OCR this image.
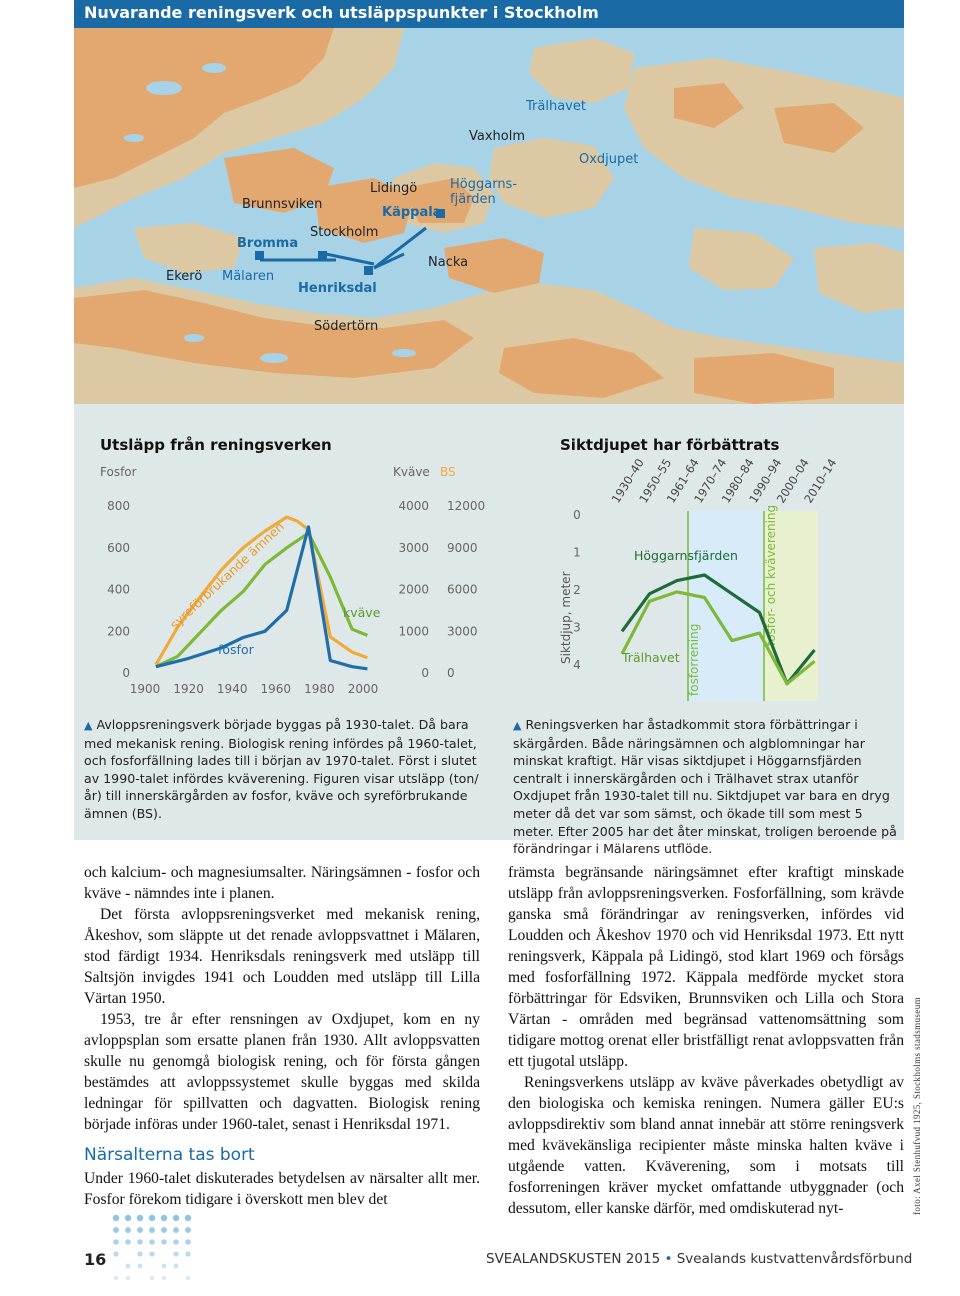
Nuvarande reningsverk och utsläppspunkter i Stockholm
Trälhavet
Vaxholm
Oxdjupet
Höggarns-
fjärden
Lidingö
Käppala
Brunnsviken
Stockholm
Bromma
Nacka
Ekerö Mälaren
Henriksdal
Södertörn
Utsläpp från reningsverken	Siktdjupet har förbättrats
Fosfor	Kväve BS
0	0 0
200	1000 3000
400	2000 6000
600	3000 9000
800	4000 12000
1900 1920 1940 1960 1980 2000
syreförbrukande ämnen
fosfor
kväve
fosforrening
fosfor- och kväverening
Siktdjup, meter
0
1
2
3
4
1930–40
1950–55
1961–64
1970–74
1980–84
1990–94
2000–04
2010–14
Höggarnsfjärden
Trälhavet
▲ Avloppsreningsverk började byggas på 1930-talet. Då bara med mekanisk rening. Biologisk rening infördes på 1960-talet, och fosforfällning lades till i början av 1970-talet. Först i slutet av 1990-talet infördes kväverening. Figuren visar utsläpp (ton/år) till innerskärgården av fosfor, kväve och syreförbrukande ämnen (BS).
▲ Reningsverken har åstadkommit stora förbättringar i skärgården. Både näringsämnen och algblomningar har minskat kraftigt. Här visas siktdjupet i Höggarnsfjärden centralt i innerskärgården och i Trälhavet strax utanför Oxdjupet från 1930-talet till nu. Siktdjupet var bara en dryg meter då det var som sämst, och ökade till som mest 5 meter. Efter 2005 har det åter minskat, troligen beroende på förändringar i Mälarens utflöde.

och kalcium- och magnesiumsalter. Näringsämnen - fosfor och kväve - nämndes inte i planen.

Det första avloppsreningsverket med mekanisk rening, Åkeshov, som släppte ut det renade avloppsvattnet i Mälaren, stod färdigt 1934. Henriksdals reningsverk med utsläpp till Saltsjön invigdes 1941 och Loudden med utsläpp till Lilla Värtan 1950.

1953, tre år efter rensningen av Oxdjupet, kom en ny avloppsplan som ersatte planen från 1930. Allt avloppsvatten skulle nu genomgå biologisk rening, och för första gången bestämdes att avloppssystemet skulle byggas med skilda ledningar för spillvatten och dagvatten. Biologisk rening började införas under 1960-talet, senast i Henriksdal 1971.

Närsalterna tas bort

Under 1960-talet diskuterades betydelsen av närsalter allt mer. Fosfor förekom tidigare i överskott men blev det

främsta begränsande näringsämnet efter kraftigt minskade utsläpp från avloppsreningsverken. Fosforfällning, som krävde ganska små förändringar av reningsverken, infördes vid Loudden och Åkeshov 1970 och vid Henriksdal 1973. Ett nytt reningsverk, Käppala på Lidingö, stod klart 1969 och försågs med fosforfällning 1972. Käppala medförde mycket stora förbättringar för Edsviken, Brunnsviken och Lilla och Stora Värtan - områden med begränsad vattenomsättning som tidigare mottog orenat eller bristfälligt renat avloppsvatten från ett tjugotal utsläpp.

Reningsverkens utsläpp av kväve påverkades obetydligt av den biologiska och kemiska reningen. Numera gäller EU:s avloppsdirektiv som bland annat innebär att större reningsverk med kvävekänsliga recipienter måste minska halten kväve i utgående vatten. Kväverening, som i motsats till fosforreningen kräver mycket omfattande utbyggnader (och dessutom, eller kanske därför, med omdiskuterad nyt-	foto: Axel Stenhufvud 1925, Stockholms stadsmuseum
16	SVEALANDSKUSTEN 2015 • Svealands kustvattenvårdsförbund
